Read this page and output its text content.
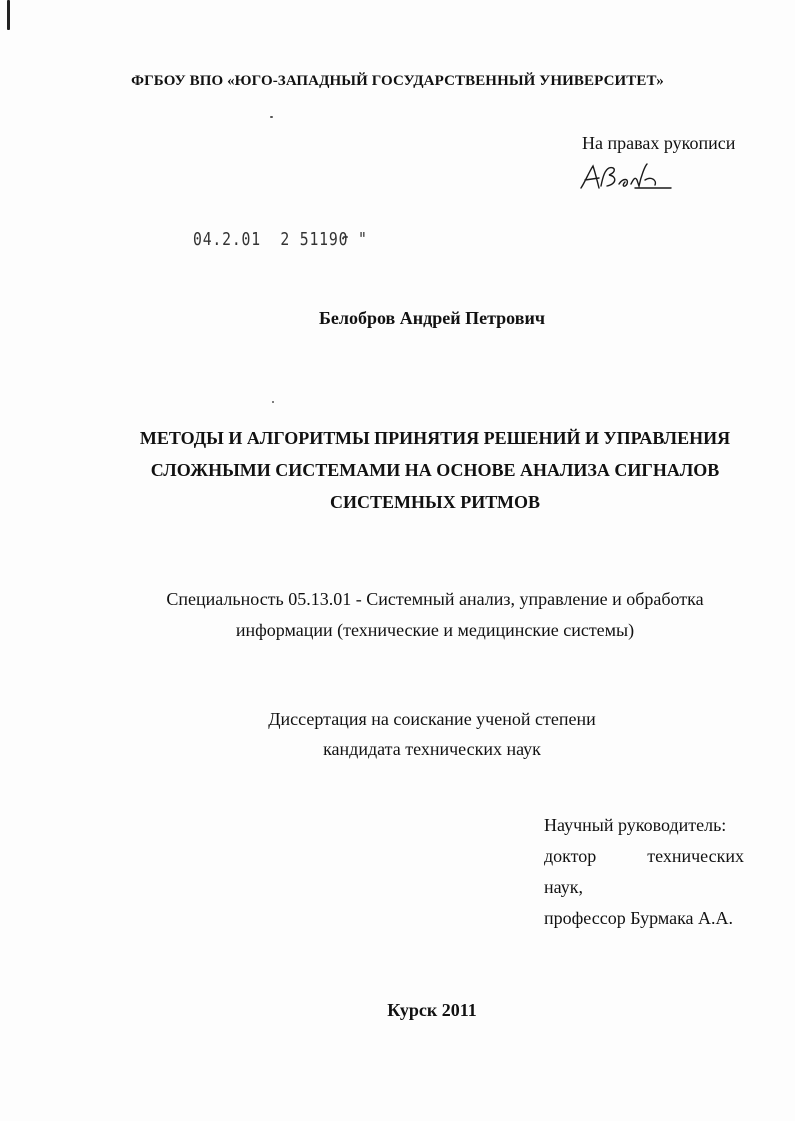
ФГБОУ ВПО «ЮГО-ЗАПАДНЫЙ ГОСУДАРСТВЕННЫЙ УНИВЕРСИТЕТ»
На правах рукописи
04.2.01  2 51190 "
Белобров Андрей Петрович
МЕТОДЫ И АЛГОРИТМЫ ПРИНЯТИЯ РЕШЕНИЙ И УПРАВЛЕНИЯ
СЛОЖНЫМИ СИСТЕМАМИ НА ОСНОВЕ АНАЛИЗА СИГНАЛОВ
СИСТЕМНЫХ РИТМОВ
Специальность 05.13.01 - Системный анализ, управление и обработка
информации (технические и медицинские системы)
Диссертация на соискание ученой степени
кандидата технических наук
Научный руководитель:
доктор	технических
наук,
профессор Бурмака А.А.
Курск 2011
